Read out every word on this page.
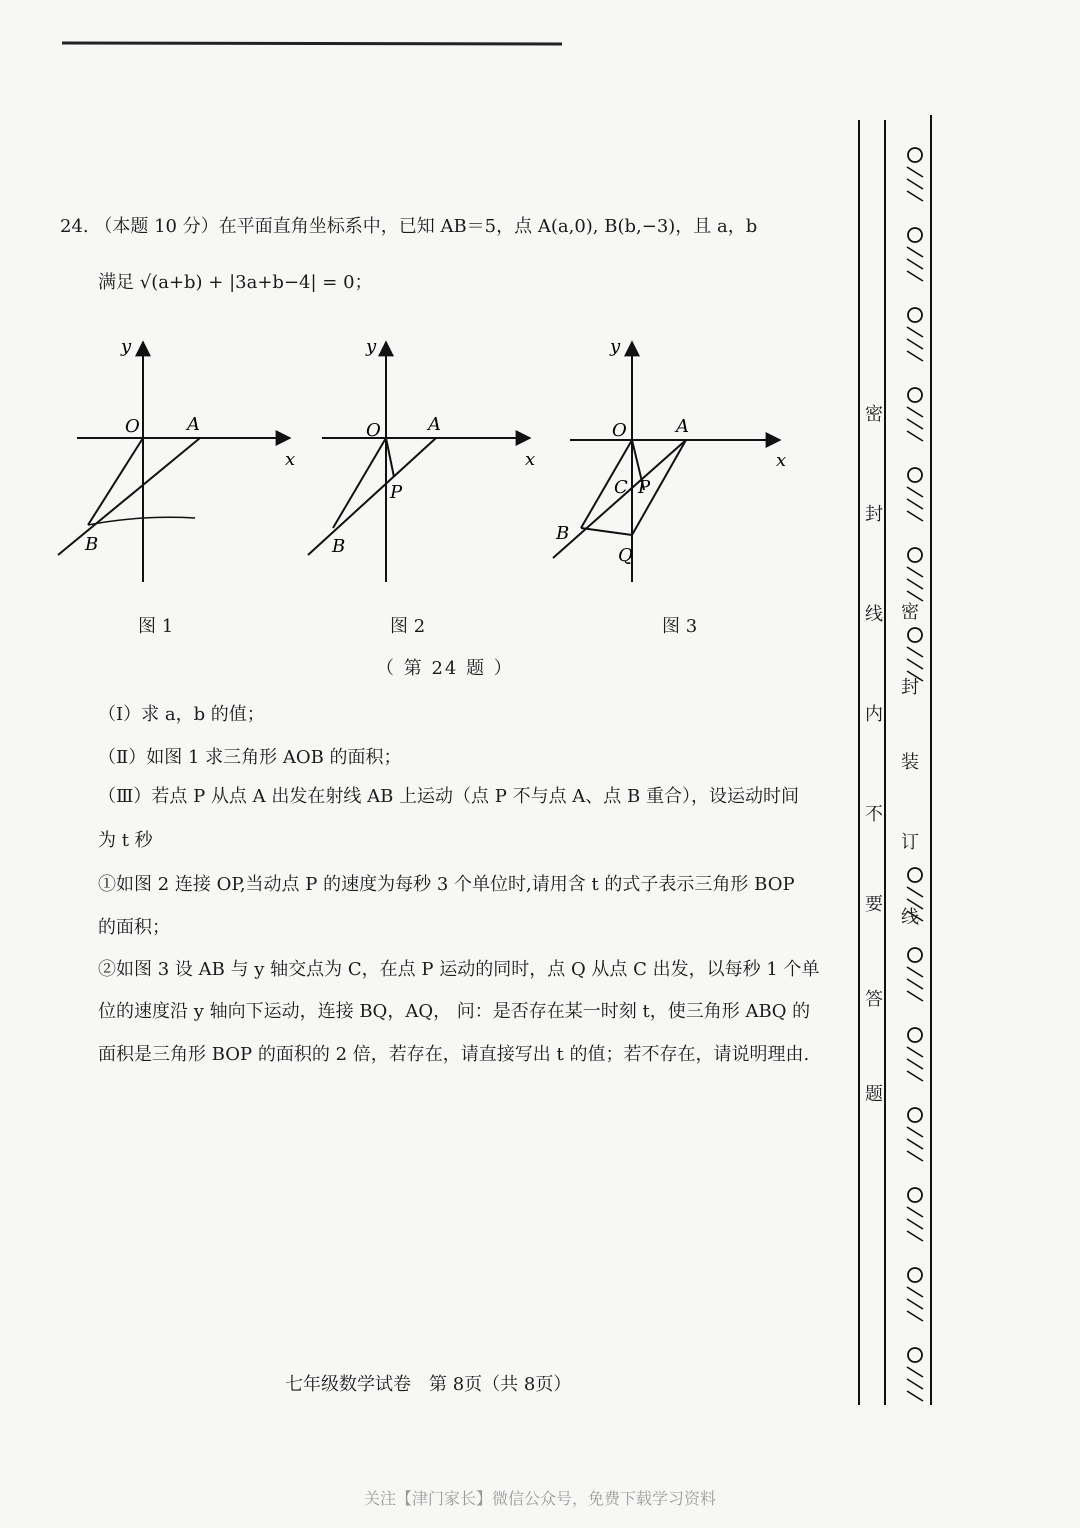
24. （本题 10 分）在平面直角坐标系中，已知 AB＝5，点 A(a,0), B(b,−3)，且 a，b
满足 √(a+b) + |3a+b−4| = 0；
O	A
B
x
y
O	A
P
B
x
y
O	A
C P
B
Q
x
y
图 1	图 2	图 3
（ 第 24 题 ）
（Ⅰ）求 a，b 的值；
（Ⅱ）如图 1 求三角形 AOB 的面积；
（Ⅲ）若点 P 从点 A 出发在射线 AB 上运动（点 P 不与点 A、点 B 重合），设运动时间
为 t 秒
①如图 2 连接 OP,当动点 P 的速度为每秒 3 个单位时,请用含 t 的式子表示三角形 BOP
的面积；
②如图 3 设 AB 与 y 轴交点为 C，在点 P 运动的同时，点 Q 从点 C 出发，以每秒 1 个单
位的速度沿 y 轴向下运动，连接 BQ，AQ， 问：是否存在某一时刻 t，使三角形 ABQ 的
面积是三角形 BOP 的面积的 2 倍，若存在，请直接写出 t 的值；若不存在，请说明理由.
七年级数学试卷　第 8页（共 8页）
密
封
线
内
不
要
答
题
密
封
装
订
线
关注【津门家长】微信公众号，免费下载学习资料
